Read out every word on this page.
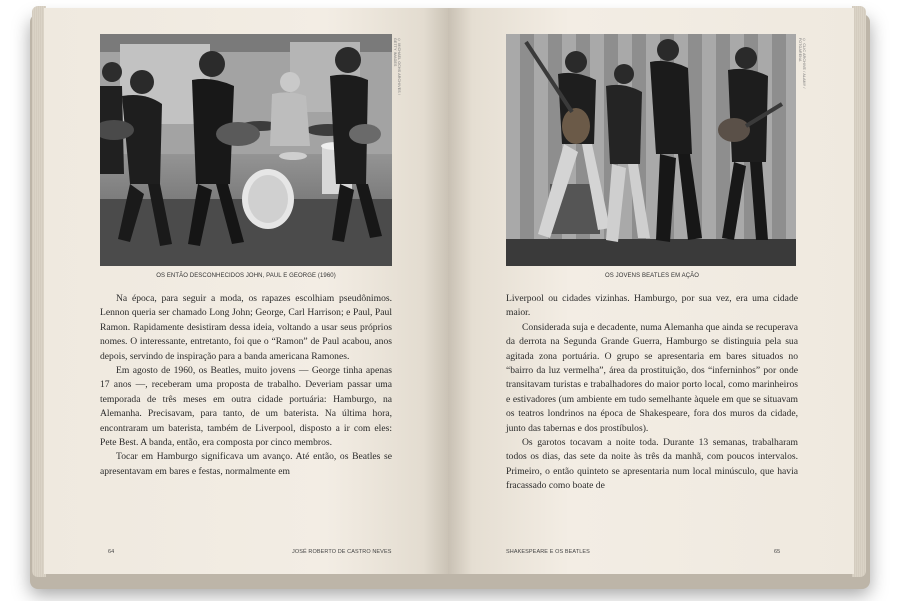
© MICHAEL OCHS ARCHIVES / GETTY IMAGES
OS ENTÃO DESCONHECIDOS JOHN, PAUL E GEORGE (1960)

Na época, para seguir a moda, os rapazes escolhiam pseudônimos. Lennon queria ser chamado Long John; George, Carl Harrison; e Paul, Paul Ramon. Rapidamente desistiram dessa ideia, voltando a usar seus próprios nomes. O interessante, entretanto, foi que o “Ramon” de Paul acabou, anos depois, servindo de inspiração para a banda americana Ramones.

Em agosto de 1960, os Beatles, muito jovens — George tinha apenas 17 anos —, receberam uma proposta de trabalho. Deveriam passar uma temporada de três meses em outra cidade portuária: Hamburgo, na Alemanha. Precisavam, para tanto, de um baterista. Na última hora, encontraram um baterista, também de Liverpool, disposto a ir com eles: Pete Best. A banda, então, era composta por cinco membros.

Tocar em Hamburgo significava um avanço. Até então, os Beatles se apresentavam em bares e festas, normalmente em

64	JOSÉ ROBERTO DE CASTRO NEVES
© CLIC ARCHIVE / ALAMY / FOTOARENA
OS JOVENS BEATLES EM AÇÃO

Liverpool ou cidades vizinhas. Hamburgo, por sua vez, era uma cidade maior.

Considerada suja e decadente, numa Alemanha que ainda se recuperava da derrota na Segunda Grande Guerra, Hamburgo se distinguia pela sua agitada zona portuária. O grupo se apresentaria em bares situados no “bairro da luz vermelha”, área da prostituição, dos “inferninhos” por onde transitavam turistas e trabalhadores do maior porto local, como marinheiros e estivadores (um ambiente em tudo semelhante àquele em que se situavam os teatros londrinos na época de Shakespeare, fora dos muros da cidade, junto das tabernas e dos prostíbulos).

Os garotos tocavam a noite toda. Durante 13 semanas, trabalharam todos os dias, das sete da noite às três da manhã, com poucos intervalos. Primeiro, o então quinteto se apresentaria num local minúsculo, que havia fracassado como boate de

SHAKESPEARE E OS BEATLES	65
